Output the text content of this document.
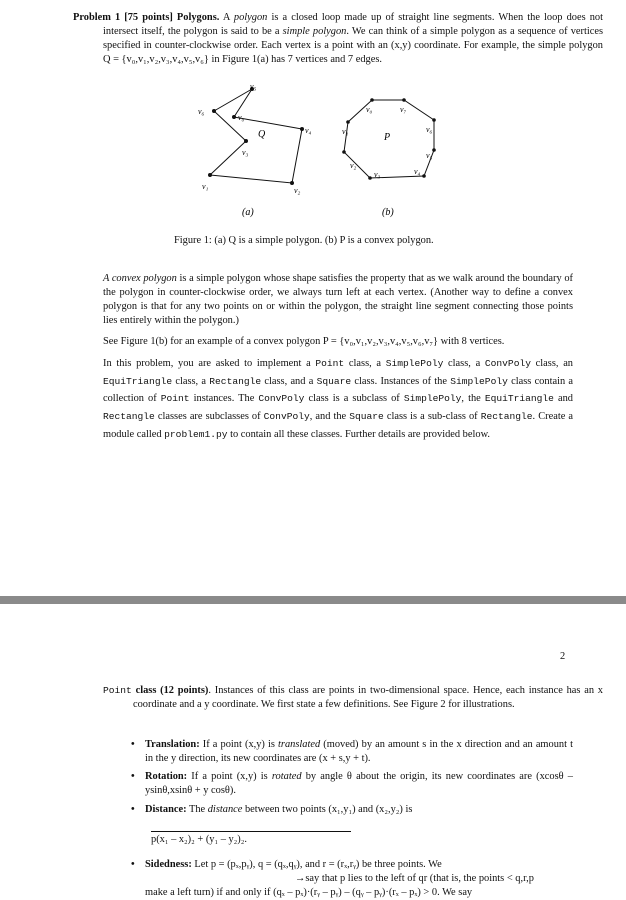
Problem 1 [75 points] Polygons. A polygon is a closed loop made up of straight line segments. When the loop does not intersect itself, the polygon is said to be a simple polygon. We can think of a simple polygon as a sequence of vertices specified in counter-clockwise order. Each vertex is a point with an (x,y) coordinate. For example, the simple polygon Q = {v₀,v₁,v₂,v₃,v₄,v₅,v₆} in Figure 1(a) has 7 vertices and 7 edges.
v₆
v₅
v₀
v₄
v₂
v₁
v₃
Q
(a)
v₀	v₇
v₆
v₅
v₄
v₃
v₂
v₁
P
(b)
Figure 1: (a) Q is a simple polygon. (b) P is a convex polygon.
A convex polygon is a simple polygon whose shape satisfies the property that as we walk around the boundary of the polygon in counter-clockwise order, we always turn left at each vertex. (Another way to define a convex polygon is that for any two points on or within the polygon, the straight line segment connecting those points lies entirely within the polygon.)
See Figure 1(b) for an example of a convex polygon P = {v₀,v₁,v₂,v₃,v₄,v₅,v₆,v₇} with 8 vertices.
In this problem, you are asked to implement a Point class, a SimplePoly class, a ConvPoly class, an EquiTriangle class, a Rectangle class, and a Square class. Instances of the SimplePoly class contain a collection of Point instances. The ConvPoly class is a subclass of SimplePoly, the EquiTriangle and Rectangle classes are subclasses of ConvPoly, and the Square class is a sub-class of Rectangle. Create a module called problem1.py to contain all these classes. Further details are provided below.
2
Point class (12 points). Instances of this class are points in two-dimensional space. Hence, each instance has an x coordinate and a y coordinate. We first state a few definitions. See Figure 2 for illustrations.
• Translation: If a point (x,y) is translated (moved) by an amount s in the x direction and an amount t in the y direction, its new coordinates are (x + s,y + t).
• Rotation: If a point (x,y) is rotated by angle θ about the origin, its new coordinates are (xcosθ – ysinθ,xsinθ + y cosθ).
• Distance: The distance between two points (x₁,y₁) and (x₂,y₂) is
p(x₁ – x₂)₂ + (y₁ – y₂)₂.
• Sidedness: Let p = (pₓ,pᵧ), q = (qₓ,qᵧ), and r = (rₓ,rᵧ) be three points. We
→say that p lies to the left of qr (that is, the points < q,r,p
make a left turn) if and only if (qₓ – pₓ)·(rᵧ – pᵧ) – (qᵧ – pᵧ)·(rₓ – pₓ) > 0. We say
